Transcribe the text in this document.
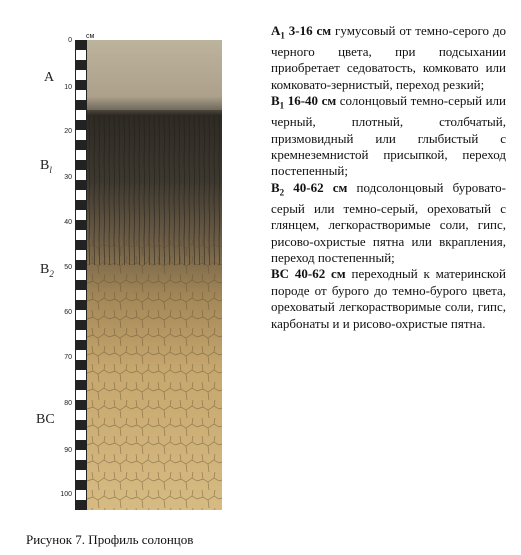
A
$B_l$
$B_2$
BC
см
0
10
20
30
40
50
60
70
80
90
100
Рисунок 7. Профиль солонцов

$A_1$ 3-16 см гумусовый от темно-серого до черного цвета, при подсыхании приобретает седоватость, комковато или комковато-зернистый, переход резкий;

$B_1$ 16-40 см солонцовый темно-серый или черный, плотный, столбчатый, призмовидный или глыбистый с кремнеземнистой присыпкой, переход постепенный;

$B_2$ 40-62 см подсолонцовый буровато-серый или темно-серый, ореховатый с глянцем, легкорастворимые соли, гипс, рисово-охристые пятна или вкрапления, переход постепенный;

ВС 40-62 см переходный к материнской породе от бурого до темно-бурого цвета, ореховатый легкорастворимые соли, гипс, карбонаты и и рисово-охристые пятна.
